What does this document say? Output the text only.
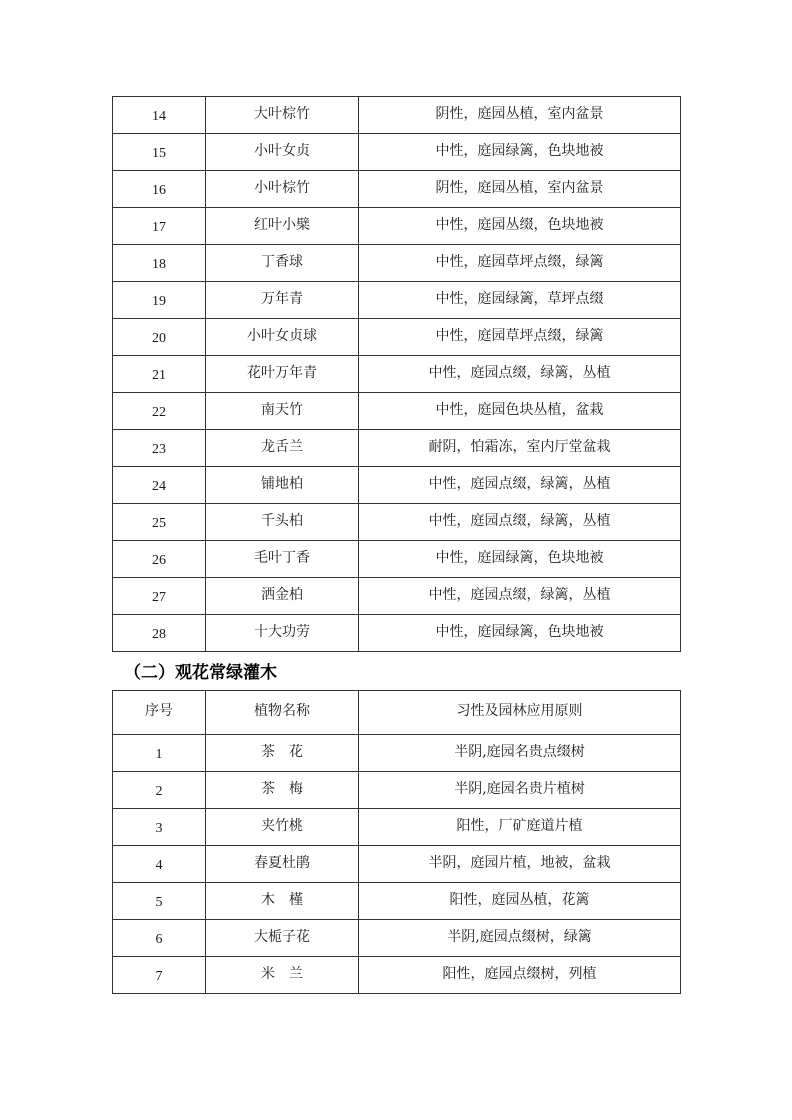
14	大叶棕竹	阴性，庭园丛植，室内盆景
15	小叶女贞	中性，庭园绿篱，色块地被
16	小叶棕竹	阴性，庭园丛植，室内盆景
17	红叶小檗	中性，庭园丛缀，色块地被
18	丁香球	中性，庭园草坪点缀，绿篱
19	万年青	中性，庭园绿篱，草坪点缀
20	小叶女贞球	中性，庭园草坪点缀，绿篱
21	花叶万年青	中性，庭园点缀，绿篱，丛植
22	南天竹	中性，庭园色块丛植，盆栽
23	龙舌兰	耐阴，怕霜冻，室内厅堂盆栽
24	铺地柏	中性，庭园点缀，绿篱，丛植
25	千头柏	中性，庭园点缀，绿篱，丛植
26	毛叶丁香	中性，庭园绿篱，色块地被
27	洒金柏	中性，庭园点缀，绿篱，丛植
28	十大功劳	中性，庭园绿篱，色块地被
（二）观花常绿灌木
序号	植物名称	习性及园林应用原则
1	茶　花	半阴,庭园名贵点缀树
2	茶　梅	半阴,庭园名贵片植树
3	夹竹桃	阳性，厂矿庭道片植
4	春夏杜鹃	半阴，庭园片植，地被，盆栽
5	木　槿	阳性，庭园丛植，花篱
6	大栀子花	半阴,庭园点缀树，绿篱
7	米　兰	阳性，庭园点缀树，列植
